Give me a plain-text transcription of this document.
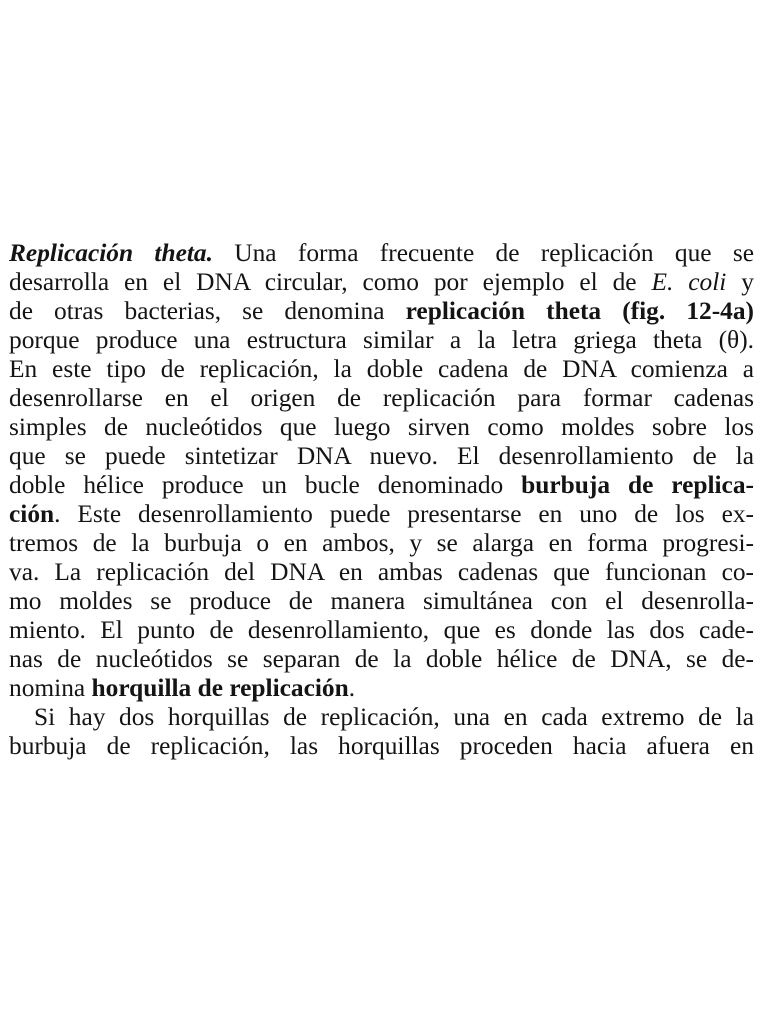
Replicación theta. Una forma frecuente de replicación que se
desarrolla en el DNA circular, como por ejemplo el de E. coli y
de otras bacterias, se denomina replicación theta (fig. 12-4a)
porque produce una estructura similar a la letra griega theta (θ).
En este tipo de replicación, la doble cadena de DNA comienza a
desenrollarse en el origen de replicación para formar cadenas
simples de nucleótidos que luego sirven como moldes sobre los
que se puede sintetizar DNA nuevo. El desenrollamiento de la
doble hélice produce un bucle denominado burbuja de replica-
ción. Este desenrollamiento puede presentarse en uno de los ex-
tremos de la burbuja o en ambos, y se alarga en forma progresi-
va. La replicación del DNA en ambas cadenas que funcionan co-
mo moldes se produce de manera simultánea con el desenrolla-
miento. El punto de desenrollamiento, que es donde las dos cade-
nas de nucleótidos se separan de la doble hélice de DNA, se de-
nomina horquilla de replicación.
Si hay dos horquillas de replicación, una en cada extremo de la
burbuja de replicación, las horquillas proceden hacia afuera en
